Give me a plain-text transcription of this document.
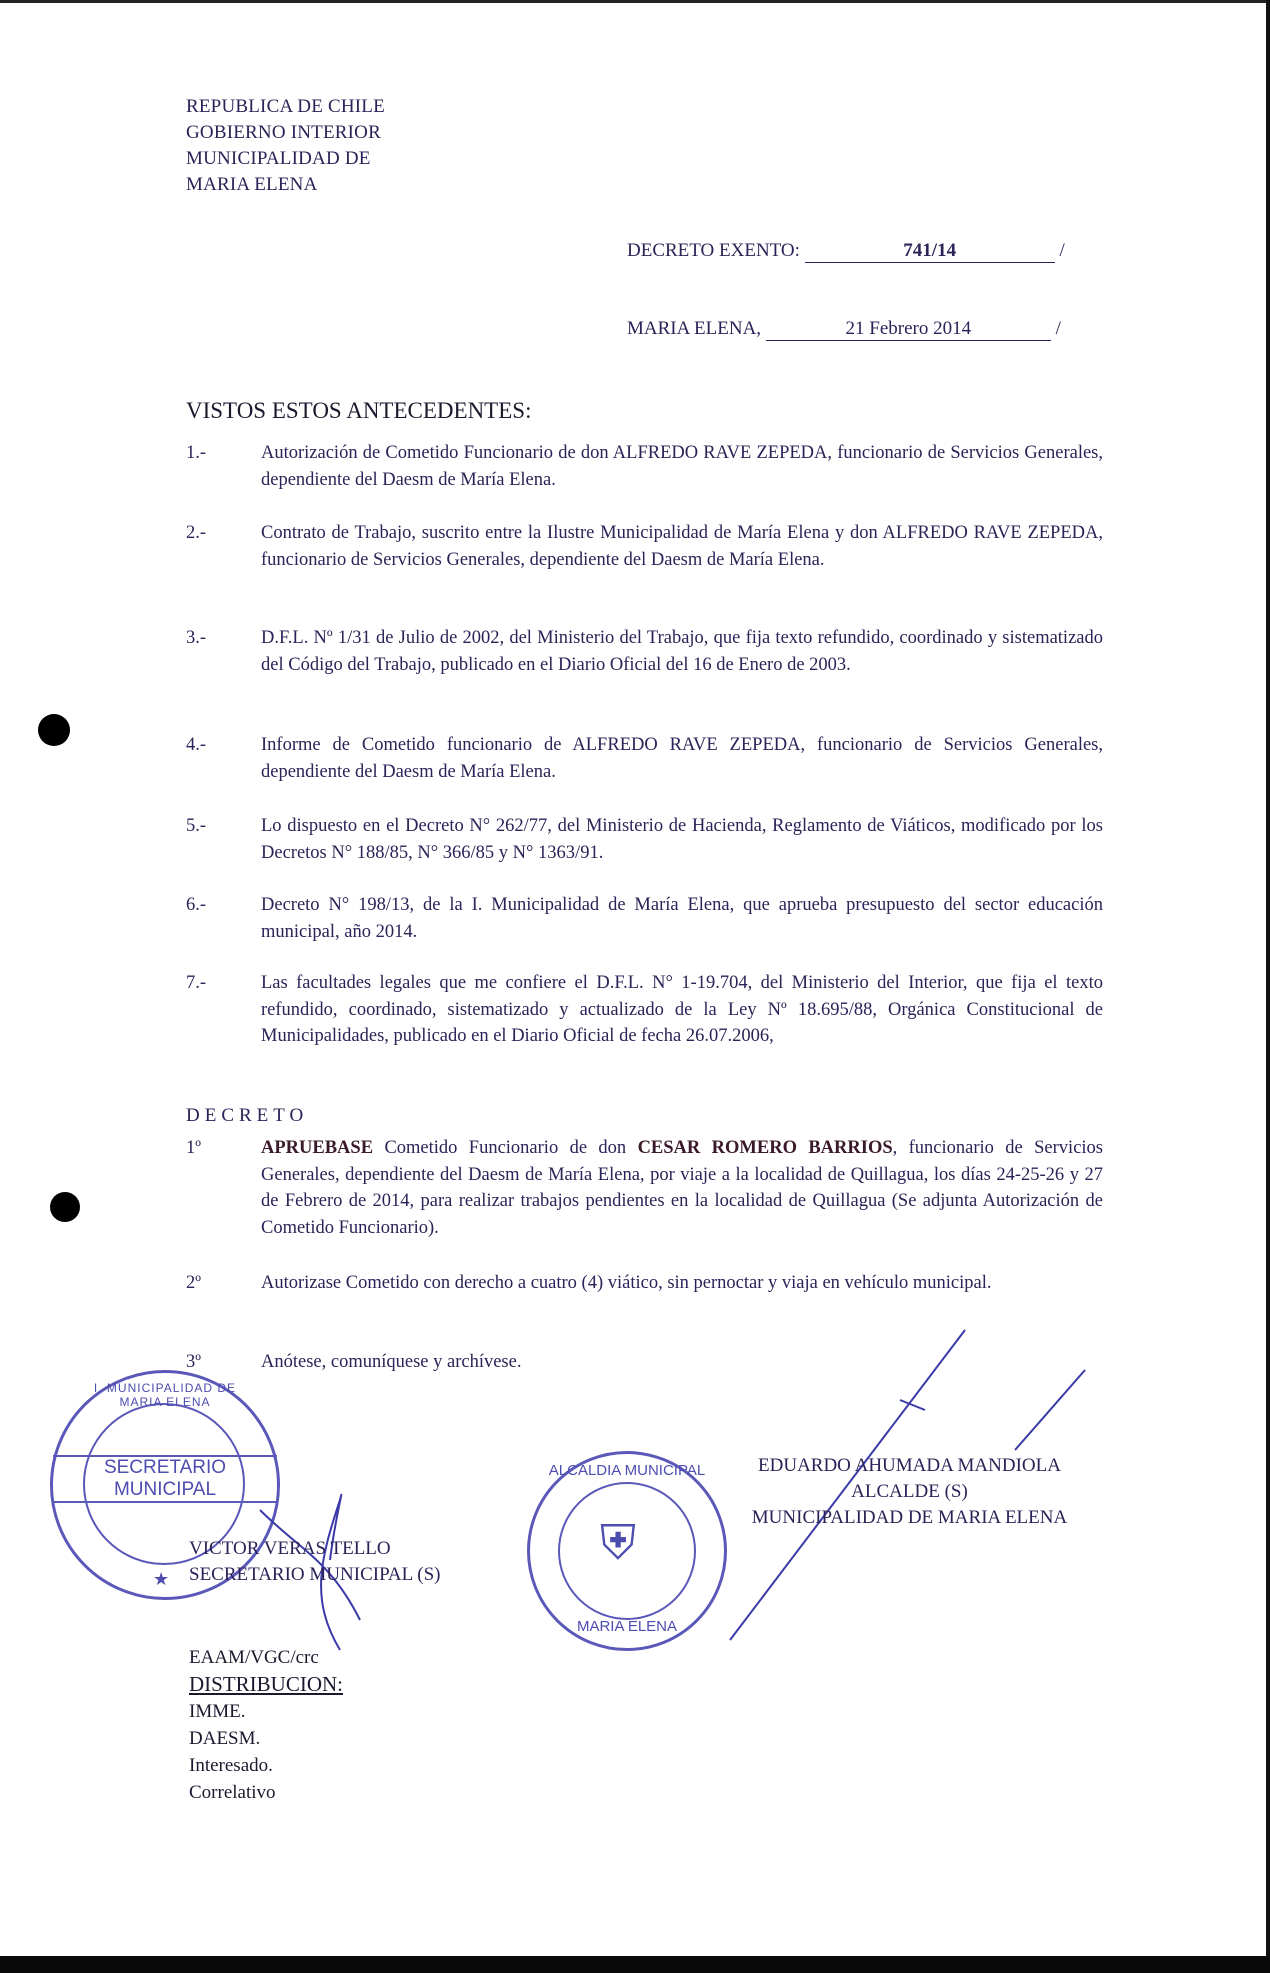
REPUBLICA DE CHILE
GOBIERNO INTERIOR
MUNICIPALIDAD DE
MARIA ELENA
DECRETO EXENTO:	741/14	/
MARIA ELENA,	21 Febrero 2014	/
VISTOS ESTOS ANTECEDENTES:
1.-	Autorización de Cometido Funcionario de don ALFREDO RAVE ZEPEDA, funcionario de Servicios Generales, dependiente del Daesm de María Elena.
2.-	Contrato de Trabajo, suscrito entre la Ilustre Municipalidad de María Elena y don ALFREDO RAVE ZEPEDA, funcionario de Servicios Generales, dependiente del Daesm de María Elena.
3.-	D.F.L. Nº 1/31 de Julio de 2002, del Ministerio del Trabajo, que fija texto refundido, coordinado y sistematizado del Código del Trabajo, publicado en el Diario Oficial del 16 de Enero de 2003.
4.-	Informe de Cometido funcionario de ALFREDO RAVE ZEPEDA, funcionario de Servicios Generales, dependiente del Daesm de María Elena.
5.-	Lo dispuesto en el Decreto N° 262/77, del Ministerio de Hacienda, Reglamento de Viáticos, modificado por los Decretos N° 188/85, N° 366/85 y N° 1363/91.
6.-	Decreto N° 198/13, de la I. Municipalidad de María Elena, que aprueba presupuesto del sector educación municipal, año 2014.
7.-	Las facultades legales que me confiere el D.F.L. N° 1-19.704, del Ministerio del Interior, que fija el texto refundido, coordinado, sistematizado y actualizado de la Ley Nº 18.695/88, Orgánica Constitucional de Municipalidades, publicado en el Diario Oficial de fecha 26.07.2006,
DECRETO
1º	APRUEBASE Cometido Funcionario de don CESAR ROMERO BARRIOS, funcionario de Servicios Generales, dependiente del Daesm de María Elena, por viaje a la localidad de Quillagua, los días 24-25-26 y 27 de Febrero de 2014, para realizar trabajos pendientes en la localidad de Quillagua (Se adjunta Autorización de Cometido Funcionario).
2º	Autorizase Cometido con derecho a cuatro (4) viático, sin pernoctar y viaja en vehículo municipal.
3º	Anótese, comuníquese y archívese.
SECRETARIO
MUNICIPAL
I. MUNICIPALIDAD DE MARIA ELENA
★
ALCALDIA MUNICIPAL
MARIA ELENA
⛨
EDUARDO AHUMADA MANDIOLA
ALCALDE (S)
MUNICIPALIDAD DE MARIA ELENA
VICTOR VERAS TELLO
SECRETARIO MUNICIPAL (S)
EAAM/VGC/crc
DISTRIBUCION:
IMME.
DAESM.
Interesado.
Correlativo
